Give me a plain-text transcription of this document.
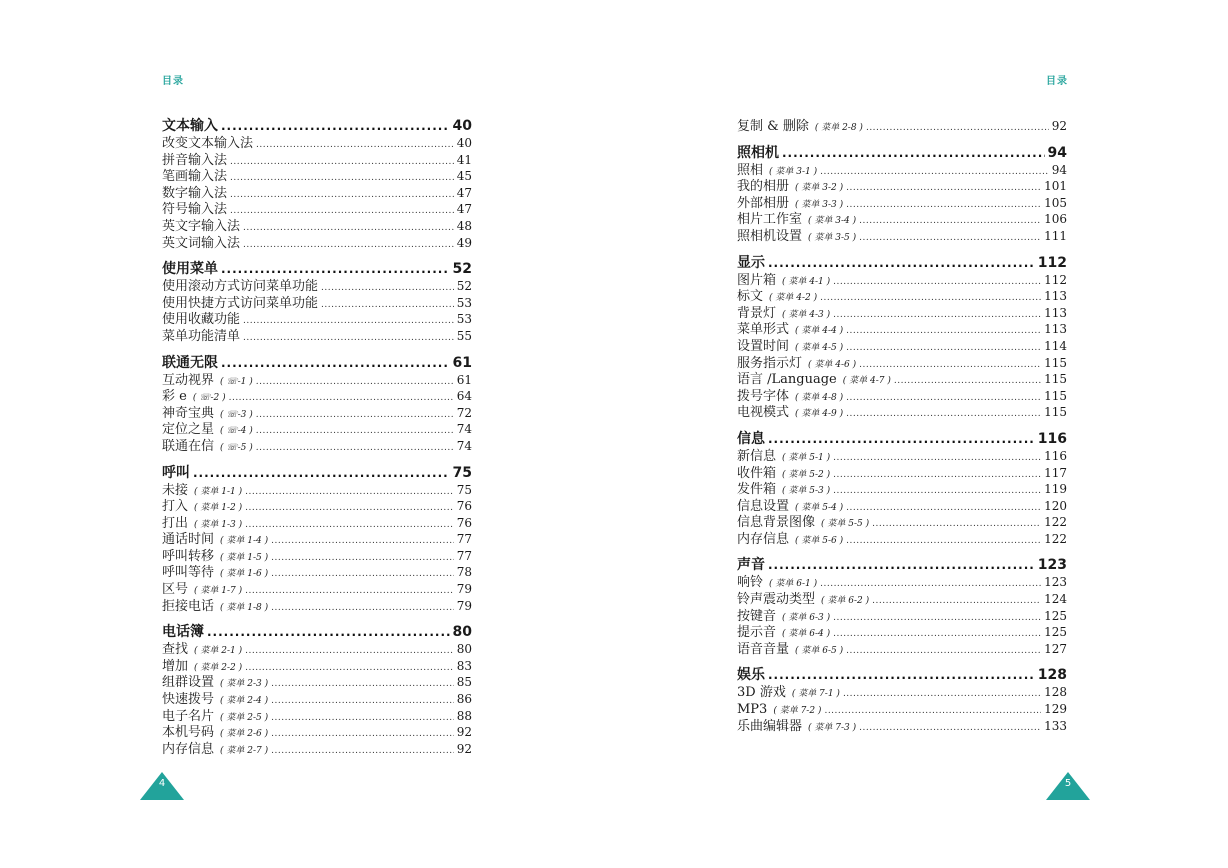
目录
文本输入 .....	40
改变文本输入法 .....	40
拼音输入法 .....	41
笔画输入法 .....	45
数字输入法 .....	47
符号输入法 .....	47
英文字输入法 .....	48
英文词输入法 .....	49
使用菜单 .....	52
使用滚动方式访问菜单功能 .....	52
使用快捷方式访问菜单功能 .....	53
使用收藏功能 .....	53
菜单功能清单 .....	55
联通无限 .....	61
互动视界 ( ☏-1 ) .....	61
彩 e ( ☏-2 ) .....	64
神奇宝典 ( ☏-3 ) .....	72
定位之星 ( ☏-4 ) .....	74
联通在信 ( ☏-5 ) .....	74
呼叫 .....	75
未接 ( 菜单 1-1 ) .....	75
打入 ( 菜单 1-2 ) .....	76
打出 ( 菜单 1-3 ) .....	76
通话时间 ( 菜单 1-4 ) .....	77
呼叫转移 ( 菜单 1-5 ) .....	77
呼叫等待 ( 菜单 1-6 ) .....	78
区号 ( 菜单 1-7 ) .....	79
拒接电话 ( 菜单 1-8 ) .....	79
电话簿 .....	80
查找 ( 菜单 2-1 ) .....	80
增加 ( 菜单 2-2 ) .....	83
组群设置 ( 菜单 2-3 ) .....	85
快速拨号 ( 菜单 2-4 ) .....	86
电子名片 ( 菜单 2-5 ) .....	88
本机号码 ( 菜单 2-6 ) .....	92
内存信息 ( 菜单 2-7 ) .....	92
4
目录
复制 & 删除 ( 菜单 2-8 ) .....	92
照相机 .....	94
照相 ( 菜单 3-1 ) .....	94
我的相册 ( 菜单 3-2 ) .....	101
外部相册 ( 菜单 3-3 ) .....	105
相片工作室 ( 菜单 3-4 ) .....	106
照相机设置 ( 菜单 3-5 ) .....	111
显示 .....	112
图片箱 ( 菜单 4-1 ) .....	112
标文 ( 菜单 4-2 ) .....	113
背景灯 ( 菜单 4-3 ) .....	113
菜单形式 ( 菜单 4-4 ) .....	113
设置时间 ( 菜单 4-5 ) .....	114
服务指示灯 ( 菜单 4-6 ) .....	115
语言 /Language ( 菜单 4-7 ) .....	115
拨号字体 ( 菜单 4-8 ) .....	115
电视模式 ( 菜单 4-9 ) .....	115
信息 .....	116
新信息 ( 菜单 5-1 ) .....	116
收件箱 ( 菜单 5-2 ) .....	117
发件箱 ( 菜单 5-3 ) .....	119
信息设置 ( 菜单 5-4 ) .....	120
信息背景图像 ( 菜单 5-5 ) .....	122
内存信息 ( 菜单 5-6 ) .....	122
声音 .....	123
响铃 ( 菜单 6-1 ) .....	123
铃声震动类型 ( 菜单 6-2 ) .....	124
按键音 ( 菜单 6-3 ) .....	125
提示音 ( 菜单 6-4 ) .....	125
语音音量 ( 菜单 6-5 ) .....	127
娱乐 .....	128
3D 游戏 ( 菜单 7-1 ) .....	128
MP3 ( 菜单 7-2 ) .....	129
乐曲编辑器 ( 菜单 7-3 ) .....	133
5
